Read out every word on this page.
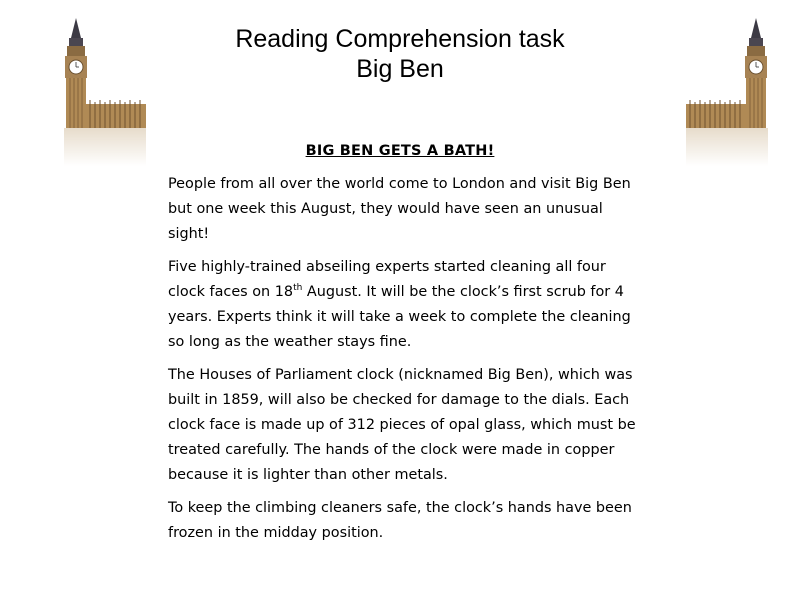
Reading Comprehension task
Big Ben
BIG BEN GETS A BATH!

People from all over the world come to London and visit Big Ben but one week this August, they would have seen an unusual sight!

Five highly-trained abseiling experts started cleaning all four clock faces on 18th August. It will be the clock’s first scrub for 4 years. Experts think it will take a week to complete the cleaning so long as the weather stays fine.

The Houses of Parliament clock (nicknamed Big Ben), which was built in 1859, will also be checked for damage to the dials. Each clock face is made up of 312 pieces of opal glass, which must be treated carefully. The hands of the clock were made in copper because it is lighter than other metals.

To keep the climbing cleaners safe, the clock’s hands have been frozen in the midday position.
